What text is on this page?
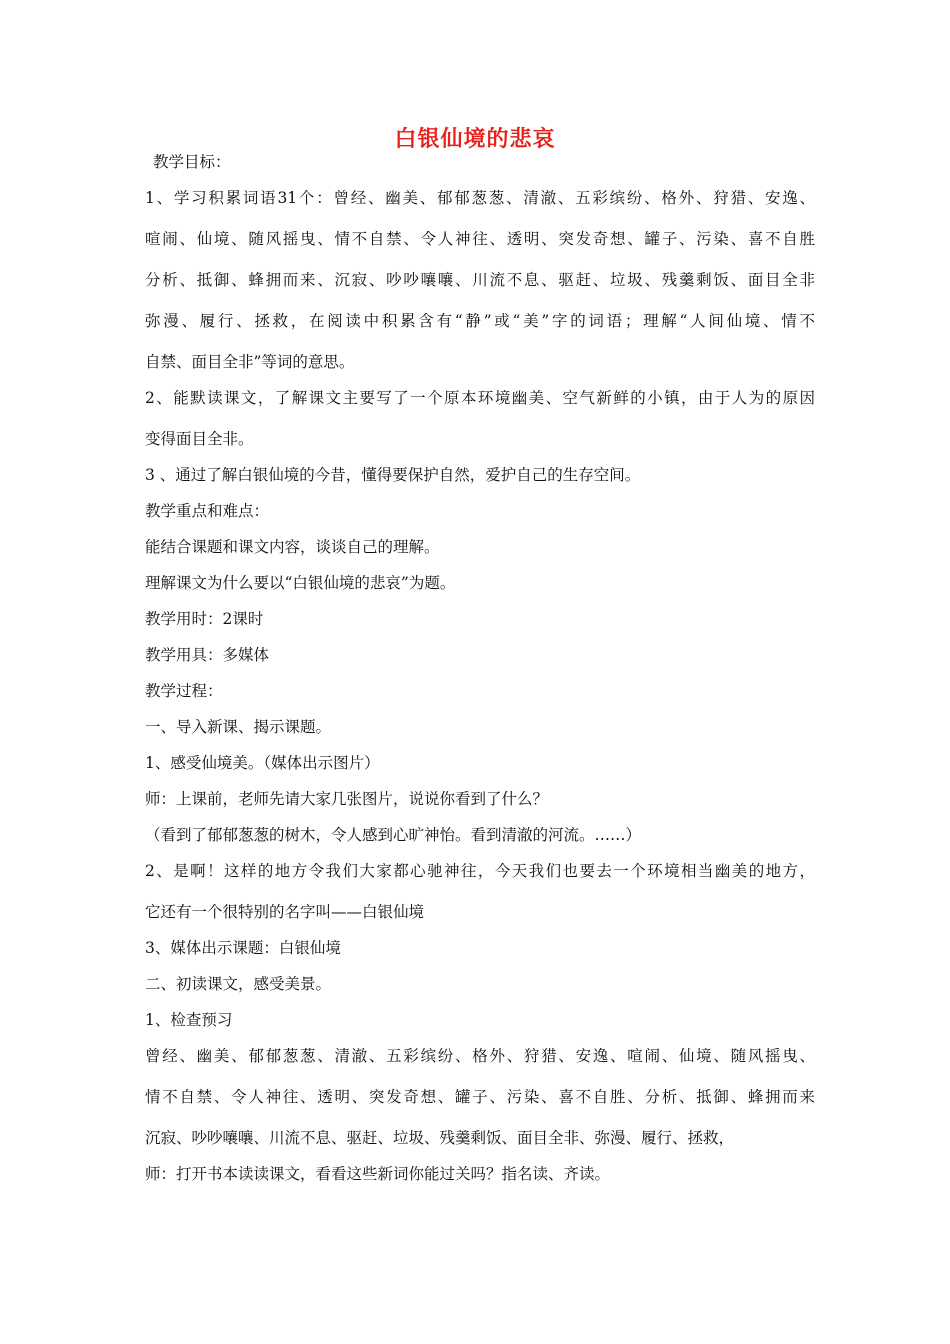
白银仙境的悲哀
教学目标：
1、学习积累词语31个：曾经、幽美、郁郁葱葱、清澈、五彩缤纷、格外、狩猎、安逸、
喧闹、仙境、随风摇曳、情不自禁、令人神往、透明、突发奇想、罐子、污染、喜不自胜
分析、抵御、蜂拥而来、沉寂、吵吵嚷嚷、川流不息、驱赶、垃圾、残羹剩饭、面目全非
弥漫、履行、拯救，在阅读中积累含有“静”或“美”字的词语；理解“人间仙境、情不
自禁、面目全非”等词的意思。
2、能默读课文，了解课文主要写了一个原本环境幽美、空气新鲜的小镇，由于人为的原因
变得面目全非。
3 、通过了解白银仙境的今昔，懂得要保护自然，爱护自己的生存空间。
教学重点和难点：
能结合课题和课文内容，谈谈自己的理解。
理解课文为什么要以“白银仙境的悲哀”为题。
教学用时：2课时
教学用具：多媒体
教学过程：
一、导入新课、揭示课题。
1、感受仙境美。（媒体出示图片）
师：上课前，老师先请大家几张图片，说说你看到了什么？
（看到了郁郁葱葱的树木，令人感到心旷神怡。看到清澈的河流。……）
2、是啊！这样的地方令我们大家都心驰神往，今天我们也要去一个环境相当幽美的地方，
它还有一个很特别的名字叫——白银仙境
3、媒体出示课题：白银仙境
二、初读课文，感受美景。
1、检查预习
曾经、幽美、郁郁葱葱、清澈、五彩缤纷、格外、狩猎、安逸、喧闹、仙境、随风摇曳、
情不自禁、令人神往、透明、突发奇想、罐子、污染、喜不自胜、分析、抵御、蜂拥而来
沉寂、吵吵嚷嚷、川流不息、驱赶、垃圾、残羹剩饭、面目全非、弥漫、履行、拯救，
师：打开书本读读课文，看看这些新词你能过关吗？指名读、齐读。
